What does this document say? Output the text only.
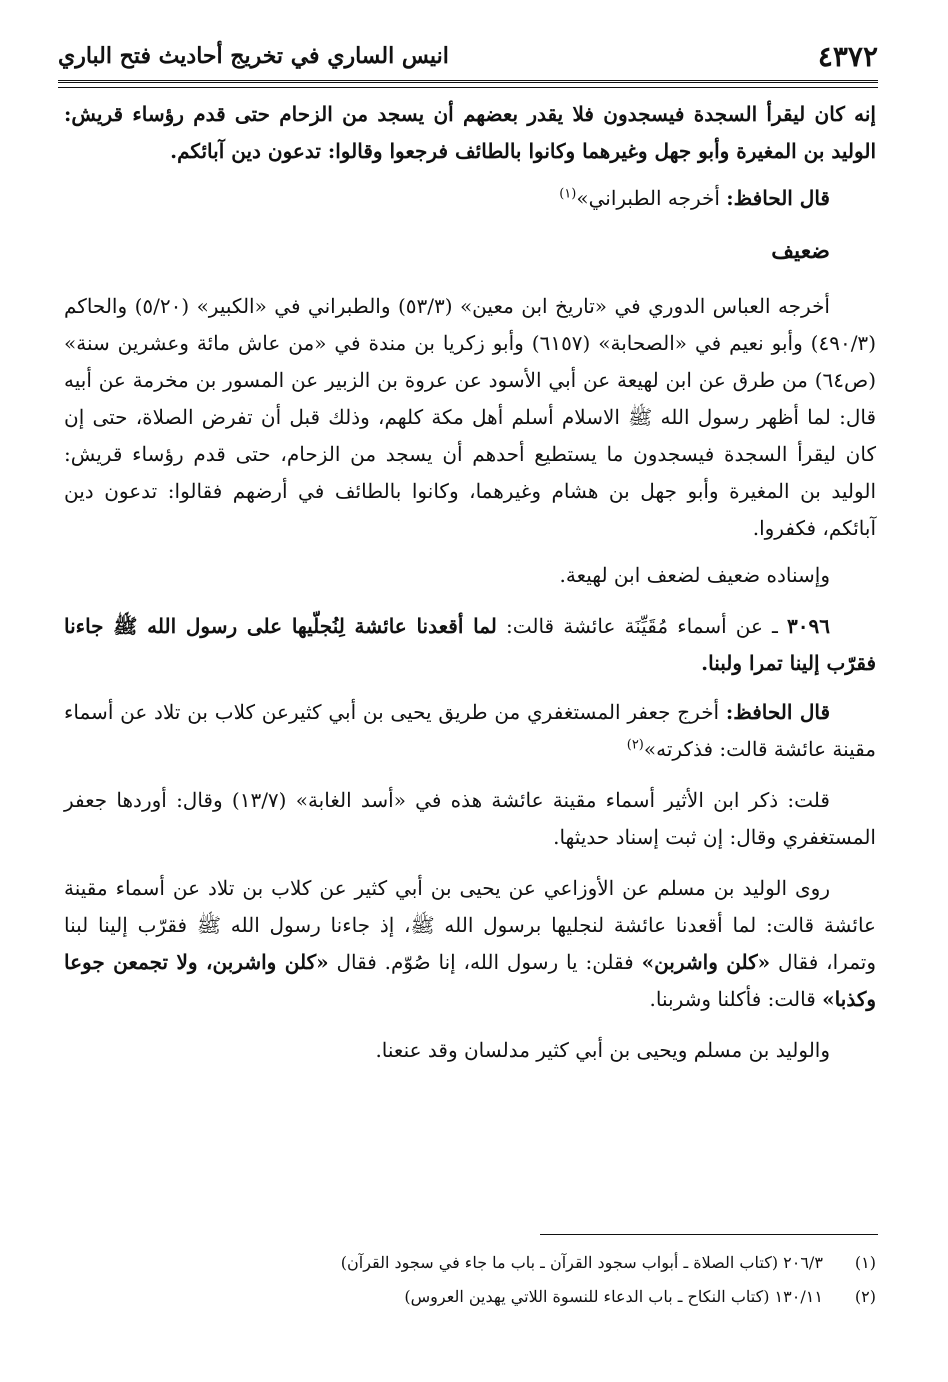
٤٣٧٢
انيس الساري في تخريج أحاديث فتح الباري

إنه كان ليقرأ السجدة فيسجدون فلا يقدر بعضهم أن يسجد من الزحام حتى قدم رؤساء قريش: الوليد بن المغيرة وأبو جهل وغيرهما وكانوا بالطائف فرجعوا وقالوا: تدعون دين آبائكم.

قال الحافظ: أخرجه الطبراني»$^{(١)}$

ضعيف

أخرجه العباس الدوري في «تاريخ ابن معين» (٥٣/٣) والطبراني في «الكبير» (٥/٢٠) والحاكم (٤٩٠/٣) وأبو نعيم في «الصحابة» (٦١٥٧) وأبو زكريا بن مندة في «من عاش مائة وعشرين سنة» (ص٦٤) من طرق عن ابن لهيعة عن أبي الأسود عن عروة بن الزبير عن المسور بن مخرمة عن أبيه قال: لما أظهر رسول الله ﷺ الاسلام أسلم أهل مكة كلهم، وذلك قبل أن تفرض الصلاة، حتى إن كان ليقرأ السجدة فيسجدون ما يستطيع أحدهم أن يسجد من الزحام، حتى قدم رؤساء قريش: الوليد بن المغيرة وأبو جهل بن هشام وغيرهما، وكانوا بالطائف في أرضهم فقالوا: تدعون دين آبائكم، فكفروا.

وإسناده ضعيف لضعف ابن لهيعة.

٣٠٩٦ ـ عن أسماء مُقَيِّنَة عائشة قالت: لما أقعدنا عائشة لِنُجلّيها على رسول الله ﷺ جاءنا فقرّب إلينا تمرا ولبنا.

قال الحافظ: أخرج جعفر المستغفري من طريق يحيى بن أبي كثيرعن كلاب بن تلاد عن أسماء مقينة عائشة قالت: فذكرته»$^{(٢)}$

قلت: ذكر ابن الأثير أسماء مقينة عائشة هذه في «أسد الغابة» (١٣/٧) وقال: أوردها جعفر المستغفري وقال: إن ثبت إسناد حديثها.

روى الوليد بن مسلم عن الأوزاعي عن يحيى بن أبي كثير عن كلاب بن تلاد عن أسماء مقينة عائشة قالت: لما أقعدنا عائشة لنجليها برسول الله ﷺ، إذ جاءنا رسول الله ﷺ فقرّب إلينا لبنا وتمرا، فقال «كلن واشربن» فقلن: يا رسول الله، إنا صُوّم. فقال «كلن واشربن، ولا تجمعن جوعا وكذبا» قالت: فأكلنا وشربنا.

والوليد بن مسلم ويحيى بن أبي كثير مدلسان وقد عنعنا.

(١) ٢٠٦/٣ (كتاب الصلاة ـ أبواب سجود القرآن ـ باب ما جاء في سجود القرآن)

(٢) ١٣٠/١١ (كتاب النكاح ـ باب الدعاء للنسوة اللاتي يهدين العروس)
